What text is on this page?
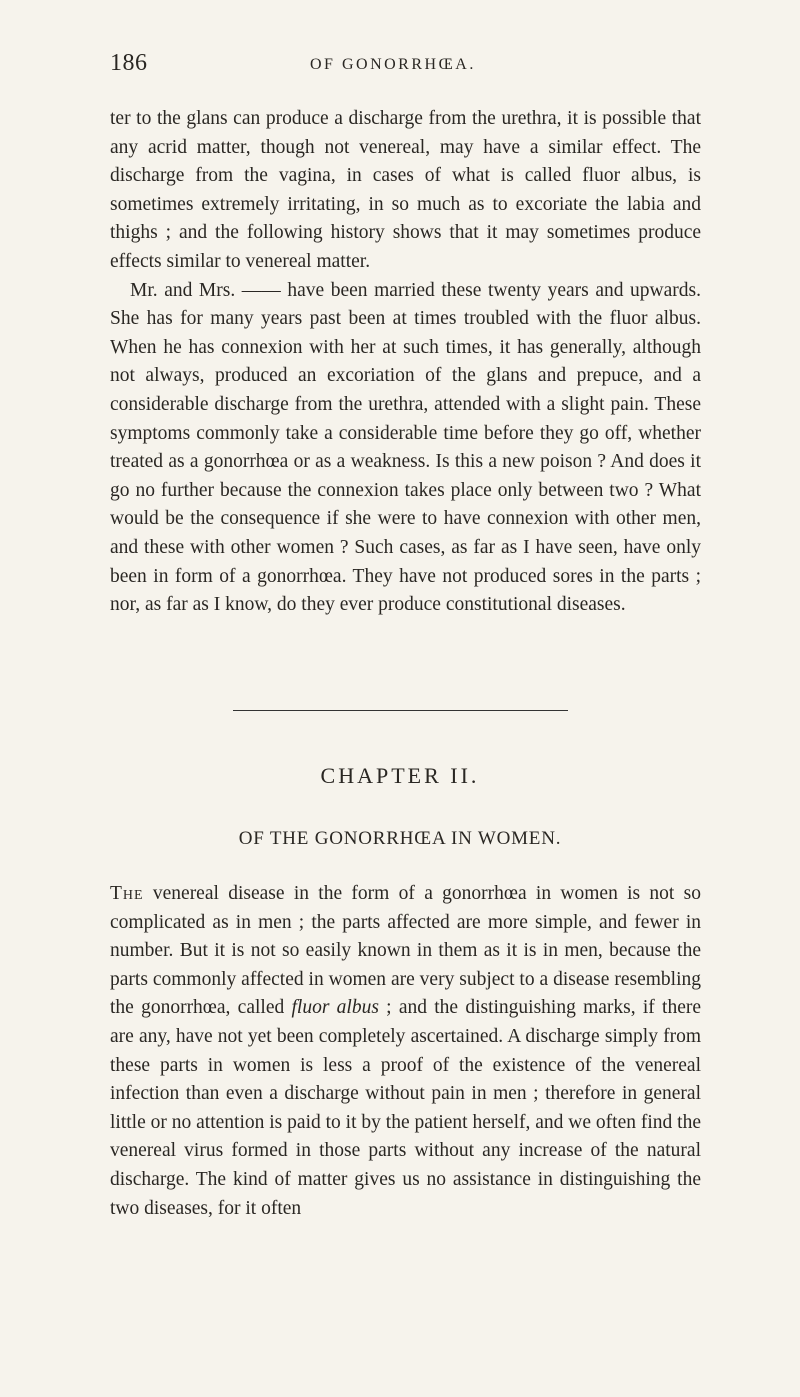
186	OF GONORRHŒA.

ter to the glans can produce a discharge from the urethra, it is possible that any acrid matter, though not venereal, may have a similar effect. The discharge from the vagina, in cases of what is called fluor albus, is sometimes extremely irritating, in so much as to excoriate the labia and thighs ; and the following history shows that it may sometimes produce effects similar to venereal matter.

Mr. and Mrs. —— have been married these twenty years and upwards. She has for many years past been at times troubled with the fluor albus. When he has connexion with her at such times, it has generally, although not always, produced an excoriation of the glans and prepuce, and a considerable discharge from the urethra, attended with a slight pain. These symptoms commonly take a considerable time before they go off, whether treated as a gonorrhœa or as a weakness. Is this a new poison ? And does it go no further because the connexion takes place only between two ? What would be the consequence if she were to have connexion with other men, and these with other women ? Such cases, as far as I have seen, have only been in form of a gonorrhœa. They have not produced sores in the parts ; nor, as far as I know, do they ever produce constitutional diseases.

CHAPTER II.
OF THE GONORRHŒA IN WOMEN.

The venereal disease in the form of a gonorrhœa in women is not so complicated as in men ; the parts affected are more simple, and fewer in number. But it is not so easily known in them as it is in men, because the parts commonly affected in women are very subject to a disease resembling the gonorrhœa, called fluor albus ; and the distinguishing marks, if there are any, have not yet been completely ascertained. A discharge simply from these parts in women is less a proof of the existence of the venereal infection than even a discharge without pain in men ; therefore in general little or no attention is paid to it by the patient herself, and we often find the venereal virus formed in those parts without any increase of the natural discharge. The kind of matter gives us no assistance in distinguishing the two diseases, for it often
